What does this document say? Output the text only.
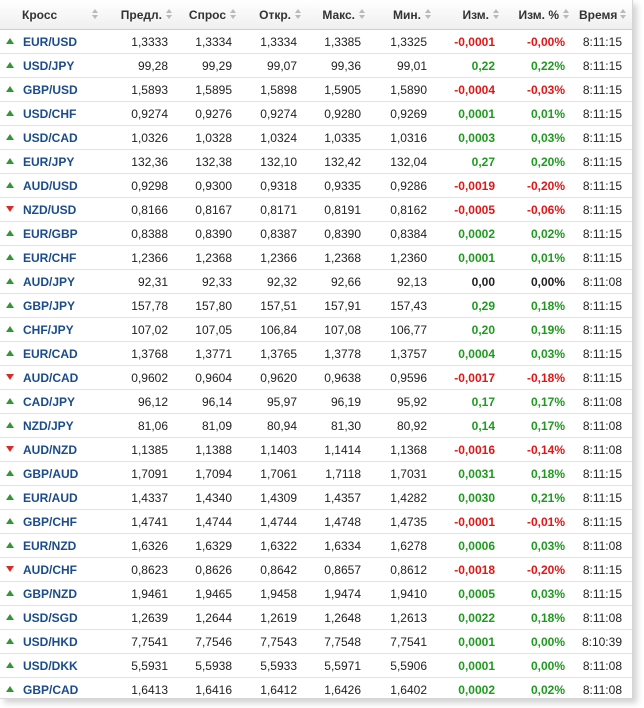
Кросс	Предл.	Спрос	Откр.	Макс.	Мин.	Изм.	Изм. %	Время

EUR/USD	1,3333	1,3334	1,3334	1,3385	1,3325	-0,0001	-0,00%	8:11:15
USD/JPY	99,28	99,29	99,07	99,36	99,01	0,22	0,22%	8:11:15
GBP/USD	1,5893	1,5895	1,5898	1,5905	1,5890	-0,0004	-0,03%	8:11:15
USD/CHF	0,9274	0,9276	0,9274	0,9280	0,9269	0,0001	0,01%	8:11:15
USD/CAD	1,0326	1,0328	1,0324	1,0335	1,0316	0,0003	0,03%	8:11:15
EUR/JPY	132,36	132,38	132,10	132,42	132,04	0,27	0,20%	8:11:15
AUD/USD	0,9298	0,9300	0,9318	0,9335	0,9286	-0,0019	-0,20%	8:11:15
NZD/USD	0,8166	0,8167	0,8171	0,8191	0,8162	-0,0005	-0,06%	8:11:15
EUR/GBP	0,8388	0,8390	0,8387	0,8390	0,8384	0,0002	0,02%	8:11:15
EUR/CHF	1,2366	1,2368	1,2366	1,2368	1,2360	0,0001	0,01%	8:11:15
AUD/JPY	92,31	92,33	92,32	92,66	92,13	0,00	0,00%	8:11:08
GBP/JPY	157,78	157,80	157,51	157,91	157,43	0,29	0,18%	8:11:15
CHF/JPY	107,02	107,05	106,84	107,08	106,77	0,20	0,19%	8:11:15
EUR/CAD	1,3768	1,3771	1,3765	1,3778	1,3757	0,0004	0,03%	8:11:15
AUD/CAD	0,9602	0,9604	0,9620	0,9638	0,9596	-0,0017	-0,18%	8:11:15
CAD/JPY	96,12	96,14	95,97	96,19	95,92	0,17	0,17%	8:11:08
NZD/JPY	81,06	81,09	80,94	81,30	80,92	0,14	0,17%	8:11:08
AUD/NZD	1,1385	1,1388	1,1403	1,1414	1,1368	-0,0016	-0,14%	8:11:08
GBP/AUD	1,7091	1,7094	1,7061	1,7118	1,7031	0,0031	0,18%	8:11:15
EUR/AUD	1,4337	1,4340	1,4309	1,4357	1,4282	0,0030	0,21%	8:11:15
GBP/CHF	1,4741	1,4744	1,4744	1,4748	1,4735	-0,0001	-0,01%	8:11:15
EUR/NZD	1,6326	1,6329	1,6322	1,6334	1,6278	0,0006	0,03%	8:11:08
AUD/CHF	0,8623	0,8626	0,8642	0,8657	0,8612	-0,0018	-0,20%	8:11:15
GBP/NZD	1,9461	1,9465	1,9458	1,9474	1,9410	0,0005	0,03%	8:11:15
USD/SGD	1,2639	1,2644	1,2619	1,2648	1,2613	0,0022	0,18%	8:11:08
USD/HKD	7,7541	7,7546	7,7543	7,7548	7,7541	0,0001	0,00%	8:10:39
USD/DKK	5,5931	5,5938	5,5933	5,5971	5,5906	0,0001	0,00%	8:11:08
GBP/CAD	1,6413	1,6416	1,6412	1,6426	1,6402	0,0002	0,02%	8:11:08
